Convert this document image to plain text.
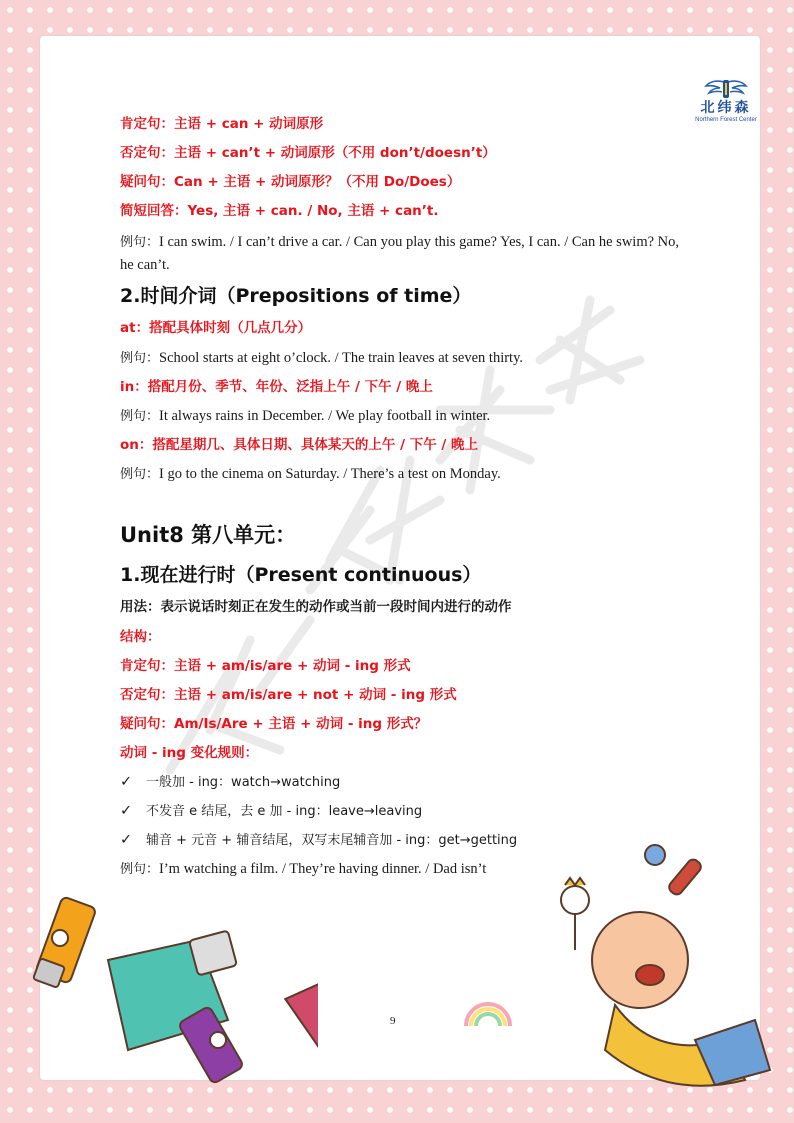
北纬森
Northern Forest Center
肯定句：主语 + can + 动词原形
否定句：主语 + can’t + 动词原形（不用 don’t/doesn’t）
疑问句：Can + 主语 + 动词原形？（不用 Do/Does）
简短回答：Yes, 主语 + can. / No, 主语 + can’t.
例句：I can swim. / I can’t drive a car. / Can you play this game? Yes, I can. / Can he swim? No, he can’t.
2.时间介词（Prepositions of time）
at：搭配具体时刻（几点几分）
例句：School starts at eight o’clock. / The train leaves at seven thirty.
in：搭配月份、季节、年份、泛指上午 / 下午 / 晚上
例句：It always rains in December. / We play football in winter.
on：搭配星期几、具体日期、具体某天的上午 / 下午 / 晚上
例句：I go to the cinema on Saturday. / There’s a test on Monday.
Unit8 第八单元：
1.现在进行时（Present continuous）
用法：表示说话时刻正在发生的动作或当前一段时间内进行的动作
结构：
肯定句：主语 + am/is/are + 动词 - ing 形式
否定句：主语 + am/is/are + not + 动词 - ing 形式
疑问句：Am/Is/Are + 主语 + 动词 - ing 形式？
动词 - ing 变化规则：
✓ 一般加 - ing：watch→watching
✓ 不发音 e 结尾，去 e 加 - ing：leave→leaving
✓ 辅音 + 元音 + 辅音结尾，双写末尾辅音加 - ing：get→getting
例句：I’m watching a film. / They’re having dinner. / Dad isn’t
9
